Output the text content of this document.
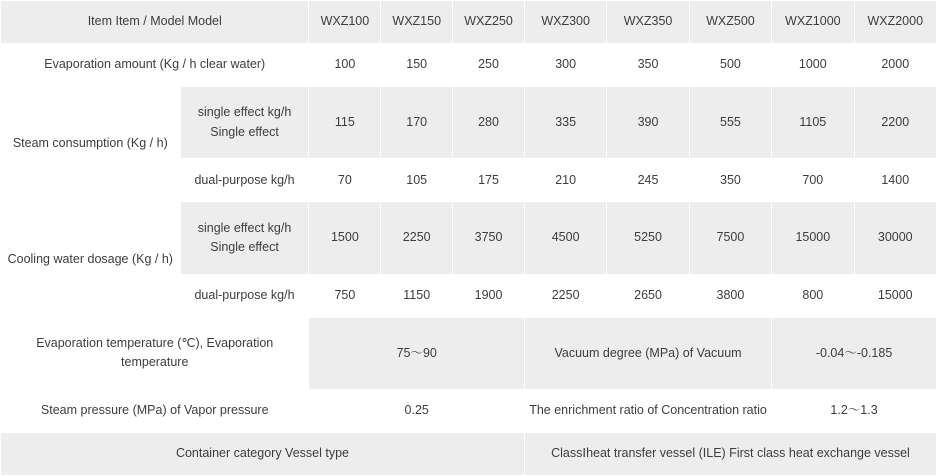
Item Item / Model Model		WXZ100	WXZ150	WXZ250	WXZ300	WXZ350	WXZ500	WXZ1000	WXZ2000
Evaporation amount (Kg / h clear water)		100	150	250	300	350	500	1000	2000
Steam consumption (Kg / h)	single effect kg/h Single effect	115	170	280	335	390	555	1105	2200
	dual-purpose kg/h	70	105	175	210	245	350	700	1400
Cooling water dosage (Kg / h)	single effect kg/h Single effect	1500	2250	3750	4500	5250	7500	15000	30000
	dual-purpose kg/h	750	1150	1900	2250	2650	3800	800	15000
Evaporation temperature (℃), Evaporation temperature		75～90			Vacuum degree (MPa) of Vacuum			-0.04～-0.185	
Steam pressure (MPa) of Vapor pressure		0.25			The enrichment ratio of Concentration ratio			1.2～1.3	
Container category Vessel type					ClassⅠheat transfer vessel (ILE) First class heat exchange vessel				
